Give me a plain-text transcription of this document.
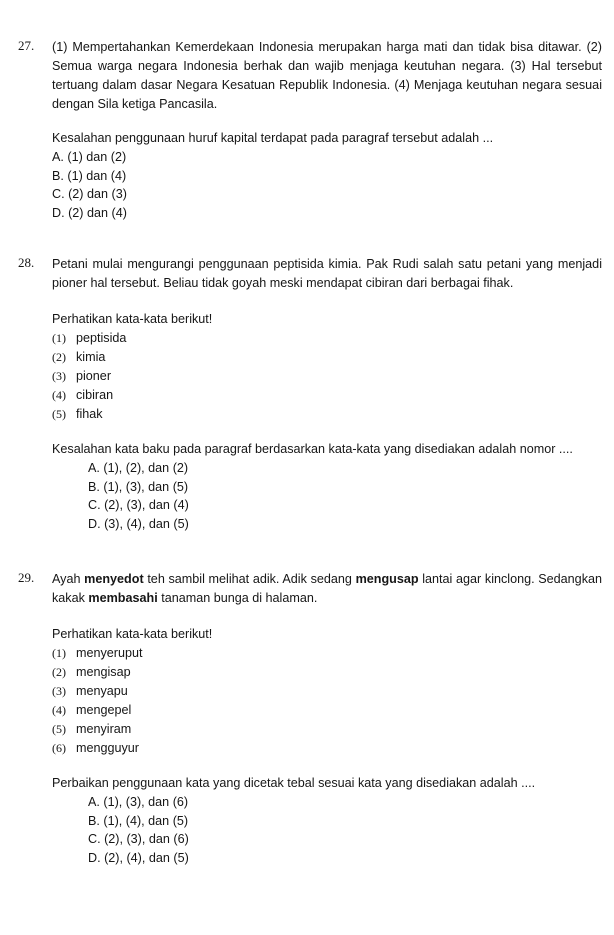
27. (1) Mempertahankan Kemerdekaan Indonesia merupakan harga mati dan tidak bisa ditawar. (2) Semua warga negara Indonesia berhak dan wajib menjaga keutuhan negara. (3) Hal tersebut tertuang dalam dasar Negara Kesatuan Republik Indonesia. (4) Menjaga keutuhan negara sesuai dengan Sila ketiga Pancasila.

Kesalahan penggunaan huruf kapital terdapat pada paragraf tersebut adalah ...

A. (1) dan (2)

B. (1) dan (4)

C. (2) dan (3)

D. (2) dan (4)

28. Petani mulai mengurangi penggunaan peptisida kimia. Pak Rudi salah satu petani yang menjadi pioner hal tersebut. Beliau tidak goyah meski mendapat cibiran dari berbagai fihak.

Perhatikan kata-kata berikut!

(1) peptisida
(2) kimia
(3) pioner
(4) cibiran
(5) fihak

Kesalahan kata baku pada paragraf berdasarkan kata-kata yang disediakan adalah nomor ....

A. (1), (2), dan (2)

B. (1), (3), dan (5)

C. (2), (3), dan (4)

D. (3), (4), dan (5)

29. Ayah menyedot teh sambil melihat adik. Adik sedang mengusap lantai agar kinclong. Sedangkan kakak membasahi tanaman bunga di halaman.

Perhatikan kata-kata berikut!

(1) menyeruput
(2) mengisap
(3) menyapu
(4) mengepel
(5) menyiram
(6) mengguyur

Perbaikan penggunaan kata yang dicetak tebal sesuai kata yang disediakan adalah ....

A. (1), (3), dan (6)

B. (1), (4), dan (5)

C. (2), (3), dan (6)

D. (2), (4), dan (5)
